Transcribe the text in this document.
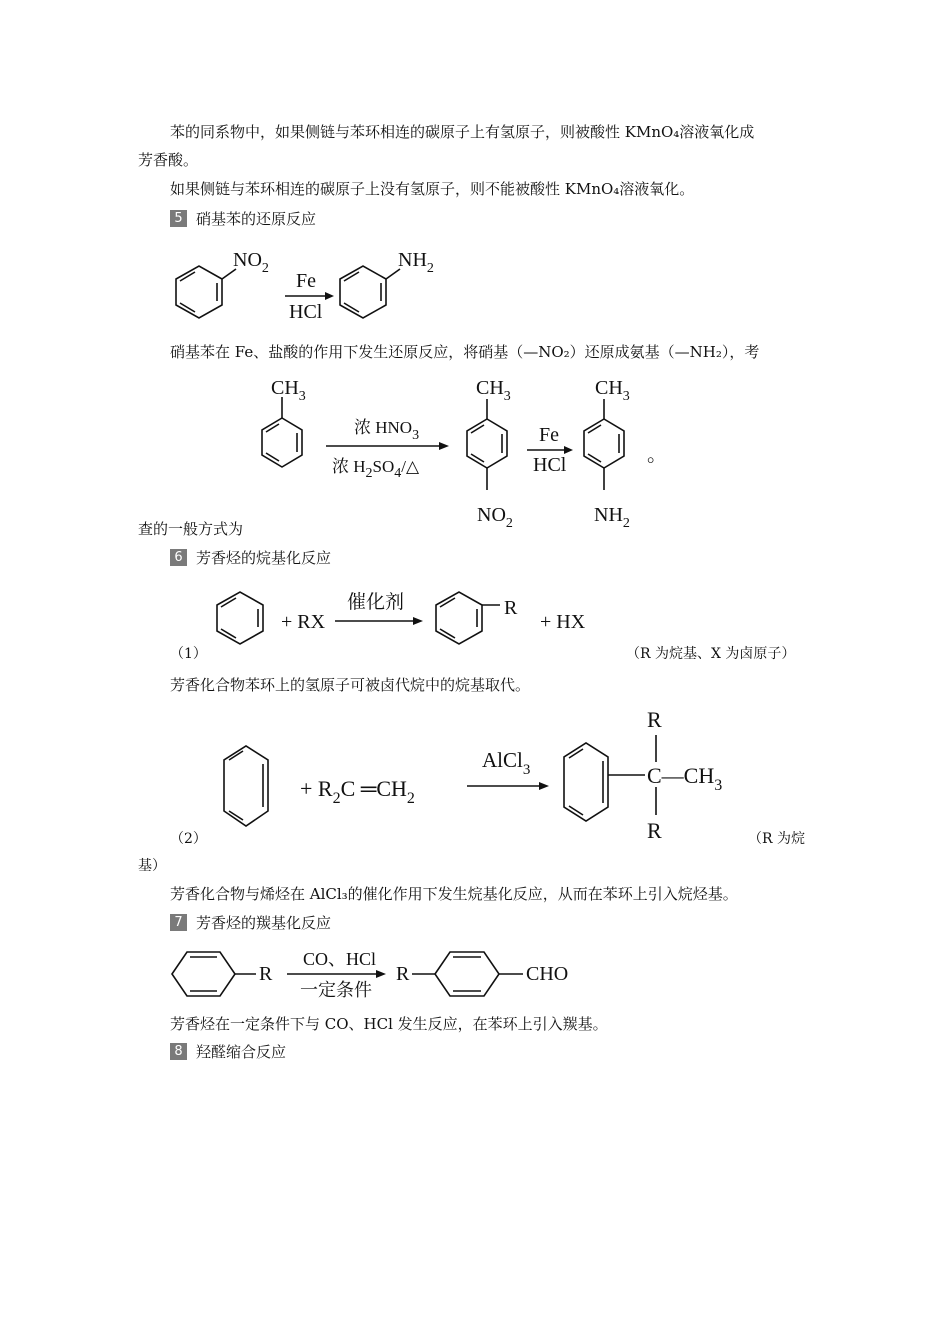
苯的同系物中，如果侧链与苯环相连的碳原子上有氢原子，则被酸性 KMnO₄溶液氧化成
芳香酸。
如果侧链与苯环相连的碳原子上没有氢原子，则不能被酸性 KMnO₄溶液氧化。
5 硝基苯的还原反应
硝基苯在 Fe、盐酸的作用下发生还原反应，将硝基（—NO₂）还原成氨基（—NH₂），考
查的一般方式为
6 芳香烃的烷基化反应
（1）	（R 为烷基、X 为卤原子）
芳香化合物苯环上的氢原子可被卤代烷中的烷基取代。
（2）	（R 为烷
基）
芳香化合物与烯烃在 AlCl₃的催化作用下发生烷基化反应，从而在苯环上引入烷烃基。
7 芳香烃的羰基化反应
芳香烃在一定条件下与 CO、HCl 发生反应，在苯环上引入羰基。
8 羟醛缩合反应
$NO_2$
Fe
HCl
$NH_2$
$CH_3$
浓 $HNO_3$
浓 $H_2SO_4/\triangle$
$CH_3$
$NO_2$
Fe
HCl
$CH_3$
$NH_2$
。
+ RX
催化剂	R
+ HX
+ $R_2C$ $═CH_2$
AlCl$_3$
R
$C—CH_3$
R
R
CO、HCl
一定条件
R	CHO
